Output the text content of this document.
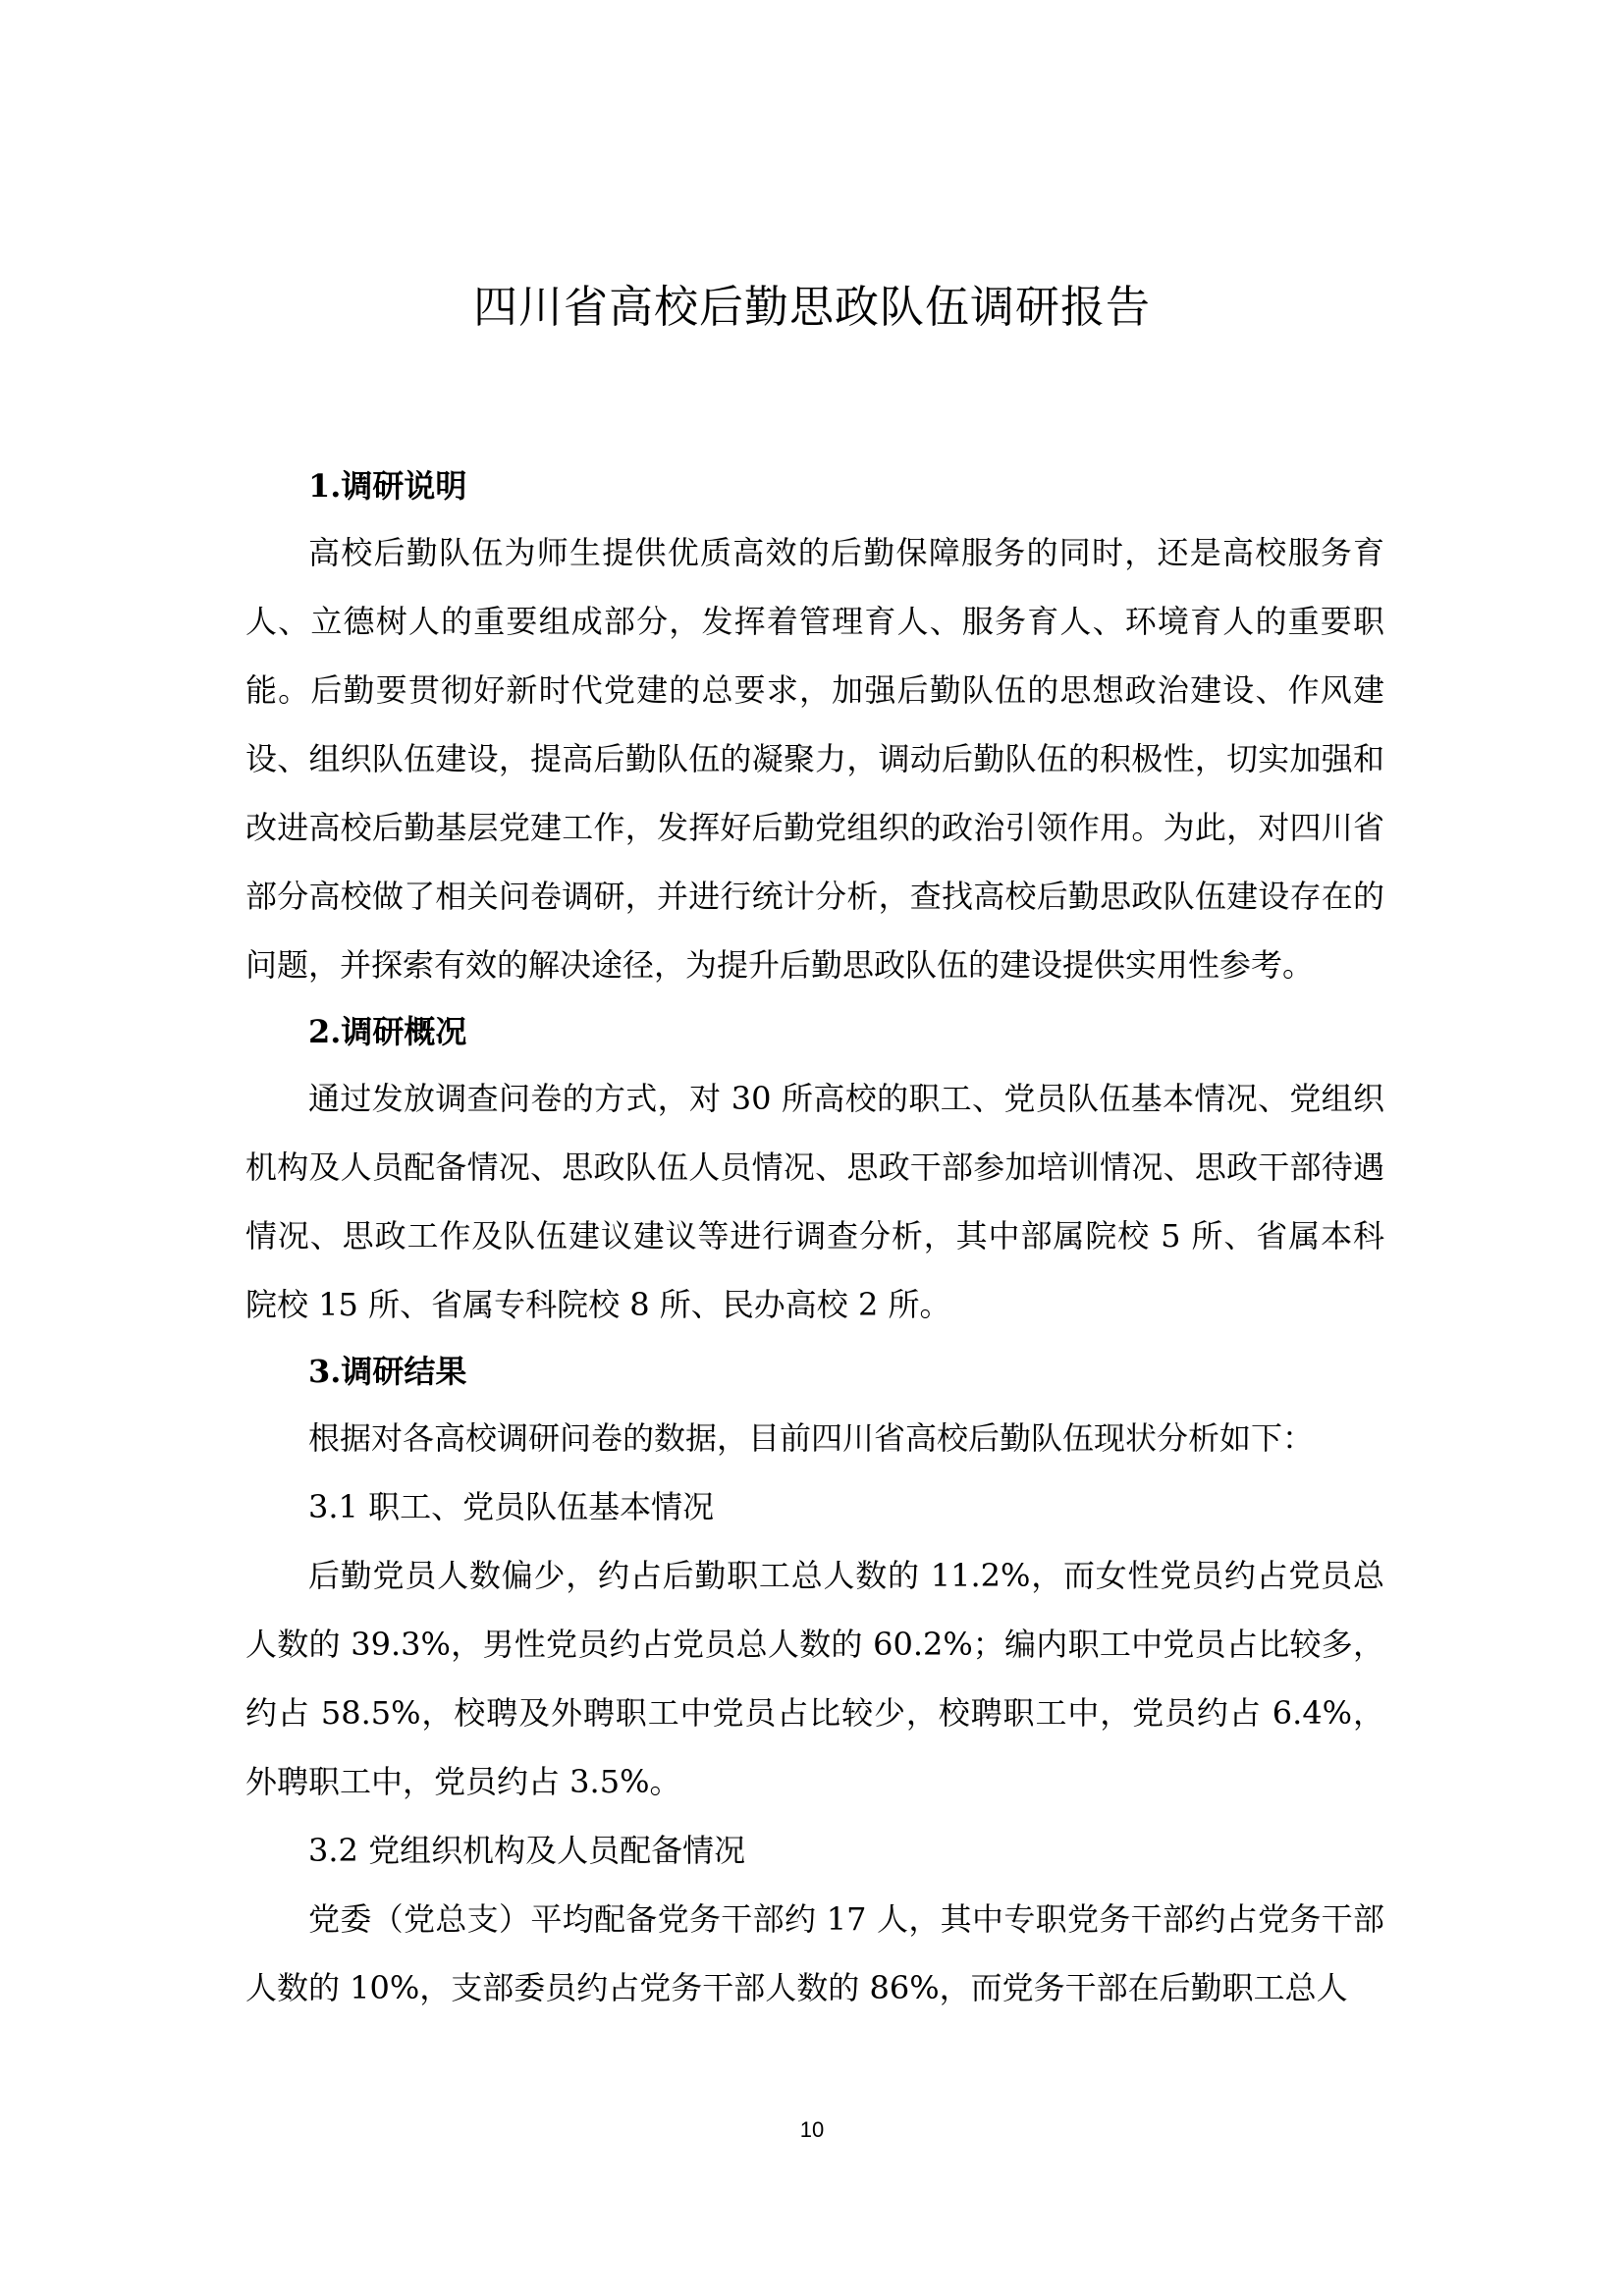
四川省高校后勤思政队伍调研报告
1.调研说明

高校后勤队伍为师生提供优质高效的后勤保障服务的同时，还是高校服务育人、立德树人的重要组成部分，发挥着管理育人、服务育人、环境育人的重要职能。后勤要贯彻好新时代党建的总要求，加强后勤队伍的思想政治建设、作风建设、组织队伍建设，提高后勤队伍的凝聚力，调动后勤队伍的积极性，切实加强和改进高校后勤基层党建工作，发挥好后勤党组织的政治引领作用。为此，对四川省部分高校做了相关问卷调研，并进行统计分析，查找高校后勤思政队伍建设存在的问题，并探索有效的解决途径，为提升后勤思政队伍的建设提供实用性参考。

2.调研概况

通过发放调查问卷的方式，对 30 所高校的职工、党员队伍基本情况、党组织机构及人员配备情况、思政队伍人员情况、思政干部参加培训情况、思政干部待遇情况、思政工作及队伍建议建议等进行调查分析，其中部属院校 5 所、省属本科院校 15 所、省属专科院校 8 所、民办高校 2 所。

3.调研结果

根据对各高校调研问卷的数据，目前四川省高校后勤队伍现状分析如下：

3.1 职工、党员队伍基本情况

后勤党员人数偏少，约占后勤职工总人数的 11.2%，而女性党员约占党员总人数的 39.3%，男性党员约占党员总人数的 60.2%；编内职工中党员占比较多，约占 58.5%，校聘及外聘职工中党员占比较少，校聘职工中，党员约占 6.4%，外聘职工中，党员约占 3.5%。

3.2 党组织机构及人员配备情况

党委（党总支）平均配备党务干部约 17 人，其中专职党务干部约占党务干部人数的 10%，支部委员约占党务干部人数的 86%，而党务干部在后勤职工总人

10
